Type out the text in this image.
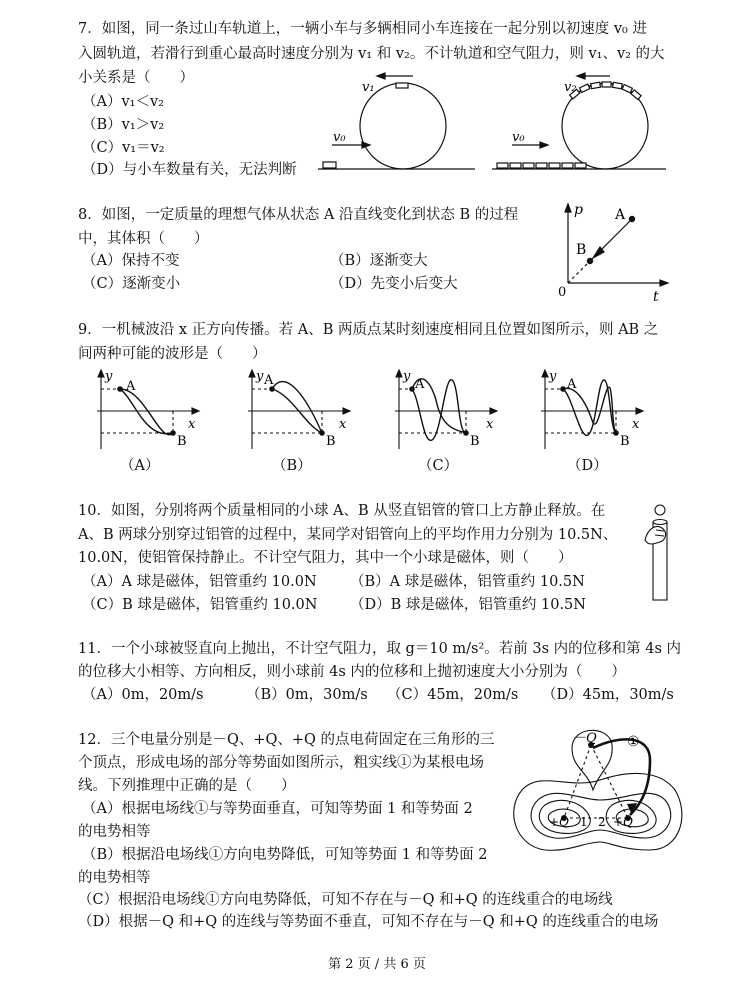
7．如图，同一条过山车轨道上，一辆小车与多辆相同小车连接在一起分别以初速度 v₀ 进
入圆轨道，若滑行到重心最高时速度分别为 v₁ 和 v₂。不计轨道和空气阻力，则 v₁、v₂ 的大
小关系是（　　）
（A）v₁＜v₂
（B）v₁＞v₂
（C）v₁＝v₂
（D）与小车数量有关，无法判断
v₁
v₀
v₂
v₀
8．如图，一定质量的理想气体从状态 A 沿直线变化到状态 B 的过程
中，其体积（　　）
（A）保持不变	（B）逐渐变大
（C）逐渐变小	（D）先变小后变大
p
t
0
A
B
9．一机械波沿 x 正方向传播。若 A、B 两质点某时刻速度相同且位置如图所示，则 AB 之
间两种可能的波形是（　　）
y
x
A
B
y
x
A
B
y
x
A
B
y
x
A
B
（A）	（B）	（C）	（D）
10．如图，分别将两个质量相同的小球 A、B 从竖直铝管的管口上方静止释放。在
A、B 两球分别穿过铝管的过程中，某同学对铝管向上的平均作用力分别为 10.5N、
10.0N，使铝管保持静止。不计空气阻力，其中一个小球是磁体，则（　　）
（A）A 球是磁体，铝管重约 10.0N （B）A 球是磁体，铝管重约 10.5N
（C）B 球是磁体，铝管重约 10.0N （D）B 球是磁体，铝管重约 10.5N
11．一个小球被竖直向上抛出，不计空气阻力，取 g＝10 m/s²。若前 3s 内的位移和第 4s 内
的位移大小相等、方向相反，则小球前 4s 内的位移和上抛初速度大小分别为（　　）
（A）0m，20m/s	（B）0m，30m/s （C）45m，20m/s （D）45m，30m/s
12．三个电量分别是－Q、+Q、+Q 的点电荷固定在三角形的三
个顶点，形成电场的部分等势面如图所示，粗实线①为某根电场
线。下列推理中正确的是（　　）
（A）根据电场线①与等势面垂直，可知等势面 1 和等势面 2
的电势相等
（B）根据沿电场线①方向电势降低，可知等势面 1 和等势面 2
的电势相等
（C）根据沿电场线①方向电势降低，可知不存在与－Q 和+Q 的连线重合的电场线
（D）根据－Q 和+Q 的连线与等势面不垂直，可知不存在与－Q 和+Q 的连线重合的电场
－Q ①
+Q	+Q
1 2
第 2 页 / 共 6 页
